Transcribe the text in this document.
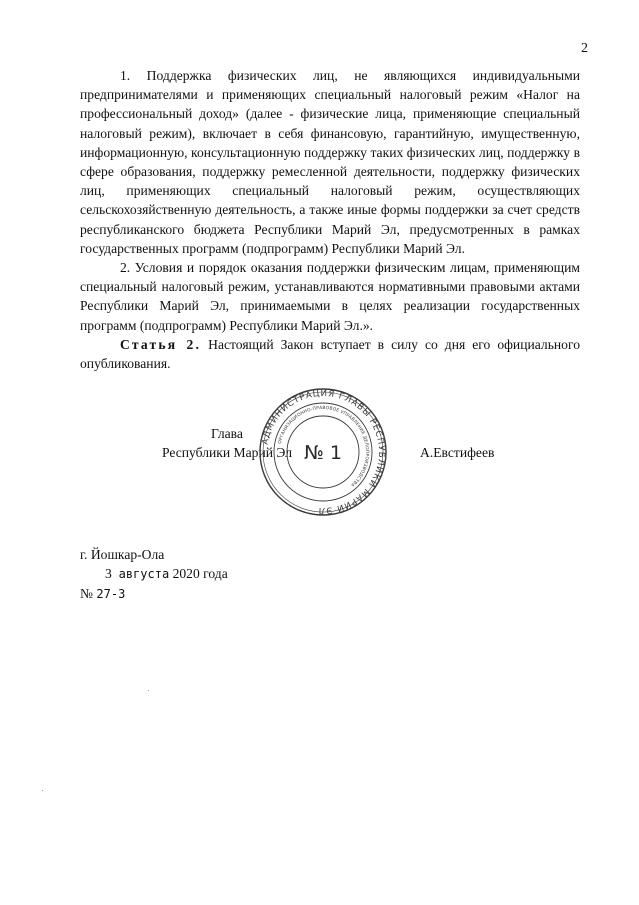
2

1. Поддержка физических лиц, не являющихся индивидуальными предпринимателями и применяющих специальный налоговый режим «Налог на профессиональный доход» (далее - физические лица, применяющие специальный налоговый режим), включает в себя финансовую, гарантийную, имущественную, информационную, консультационную поддержку таких физических лиц, поддержку в сфере образования, поддержку ремесленной деятельности, поддержку физических лиц, применяющих специальный налоговый режим, осуществляющих сельскохозяйственную деятельность, а также иные формы поддержки за счет средств республиканского бюджета Республики Марий Эл, предусмотренных в рамках государственных программ (подпрограмм) Республики Марий Эл.

2. Условия и порядок оказания поддержки физическим лицам, применяющим специальный налоговый режим, устанавливаются нормативными правовыми актами Республики Марий Эл, принимаемыми в целях реализации государственных программ (подпрограмм) Республики Марий Эл.».

Статья 2. Настоящий Закон вступает в силу со дня его официального опубликования.

Глава
Республики Марий Эл
АДМИНИСТРАЦИЯ ГЛАВЫ РЕСПУБЛИКИ МАРИЙ ЭЛ
ОРГАНИЗАЦИОННО-ПРАВОВОЕ УПРАВЛЕНИЕ ДЕЛОПРОИЗВОДСТВА
№ 1	А.Евстифеев
г. Йошкар-Ола
3 августа 2020 года
№ 27-З
